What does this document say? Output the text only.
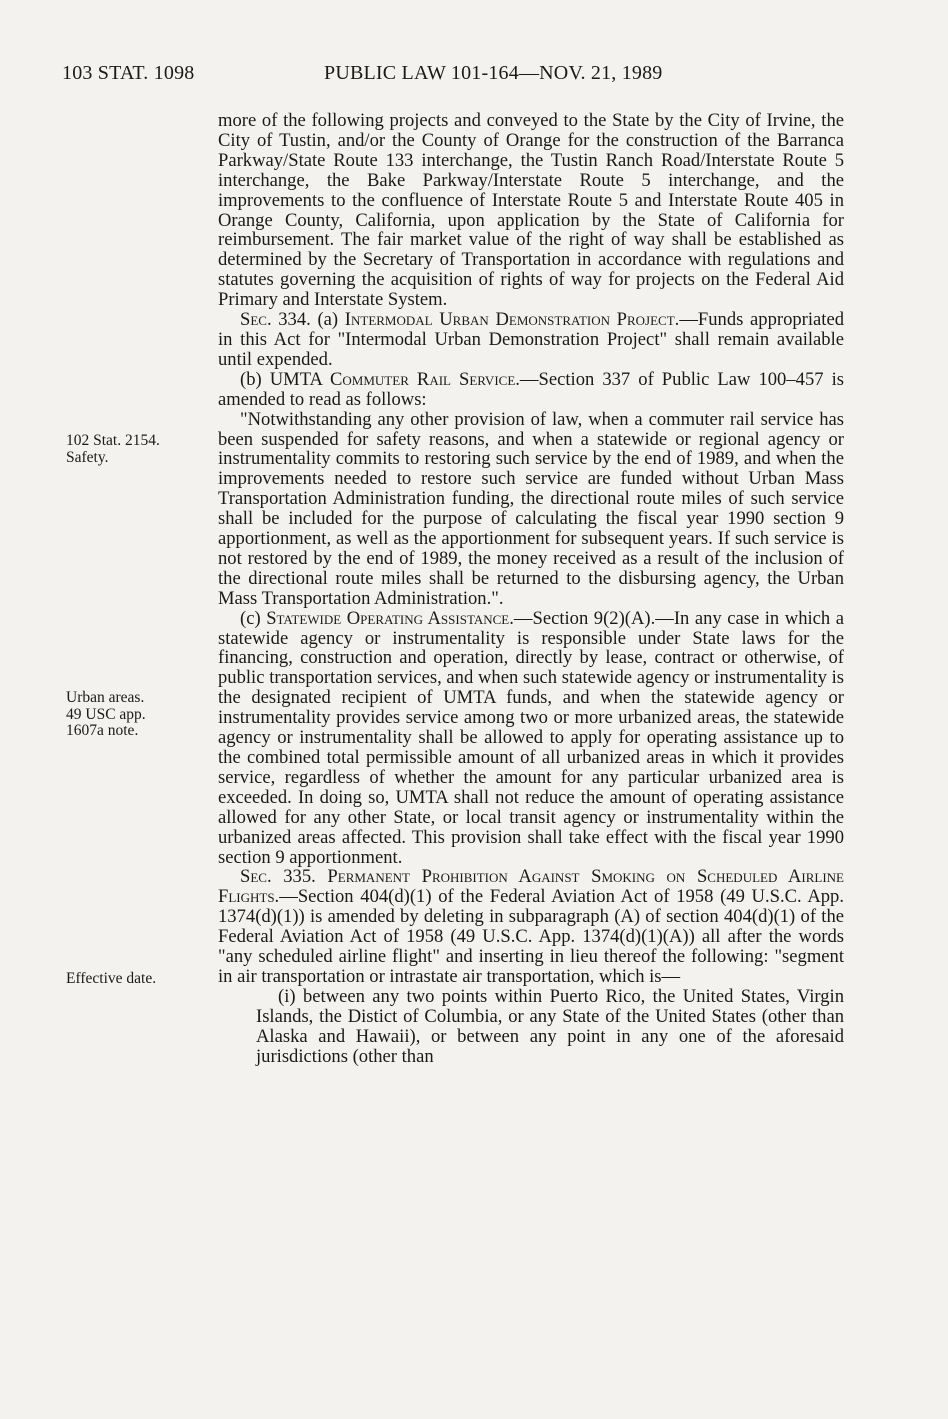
103 STAT. 1098	PUBLIC LAW 101-164—NOV. 21, 1989
102 Stat. 2154.
Safety.
Urban areas.
49 USC app.
1607a note.
Effective date.

more of the following projects and conveyed to the State by the City of Irvine, the City of Tustin, and/or the County of Orange for the construction of the Barranca Parkway/State Route 133 interchange, the Tustin Ranch Road/Interstate Route 5 interchange, the Bake Parkway/Interstate Route 5 interchange, and the improvements to the confluence of Interstate Route 5 and Interstate Route 405 in Orange County, California, upon application by the State of California for reimbursement. The fair market value of the right of way shall be established as determined by the Secretary of Transportation in accordance with regulations and statutes governing the acquisition of rights of way for projects on the Federal Aid Primary and Interstate System.

Sec. 334. (a) Intermodal Urban Demonstration Project.—Funds appropriated in this Act for "Intermodal Urban Demonstration Project" shall remain available until expended.

(b) UMTA Commuter Rail Service.—Section 337 of Public Law 100–457 is amended to read as follows:

"Notwithstanding any other provision of law, when a commuter rail service has been suspended for safety reasons, and when a statewide or regional agency or instrumentality commits to restoring such service by the end of 1989, and when the improvements needed to restore such service are funded without Urban Mass Transportation Administration funding, the directional route miles of such service shall be included for the purpose of calculating the fiscal year 1990 section 9 apportionment, as well as the apportionment for subsequent years. If such service is not restored by the end of 1989, the money received as a result of the inclusion of the directional route miles shall be returned to the disbursing agency, the Urban Mass Transportation Administration.".

(c) Statewide Operating Assistance.—Section 9(2)(A).—In any case in which a statewide agency or instrumentality is responsible under State laws for the financing, construction and operation, directly by lease, contract or otherwise, of public transportation services, and when such statewide agency or instrumentality is the designated recipient of UMTA funds, and when the statewide agency or instrumentality provides service among two or more urbanized areas, the statewide agency or instrumentality shall be allowed to apply for operating assistance up to the combined total permissible amount of all urbanized areas in which it provides service, regardless of whether the amount for any particular urbanized area is exceeded. In doing so, UMTA shall not reduce the amount of operating assistance allowed for any other State, or local transit agency or instrumentality within the urbanized areas affected. This provision shall take effect with the fiscal year 1990 section 9 apportionment.

Sec. 335. Permanent Prohibition Against Smoking on Scheduled Airline Flights.—Section 404(d)(1) of the Federal Aviation Act of 1958 (49 U.S.C. App. 1374(d)(1)) is amended by deleting in subparagraph (A) of section 404(d)(1) of the Federal Aviation Act of 1958 (49 U.S.C. App. 1374(d)(1)(A)) all after the words "any scheduled airline flight" and inserting in lieu thereof the following: "segment in air transportation or intrastate air transportation, which is—

(i) between any two points within Puerto Rico, the United States, Virgin Islands, the Distict of Columbia, or any State of the United States (other than Alaska and Hawaii), or between any point in any one of the aforesaid jurisdictions (other than
